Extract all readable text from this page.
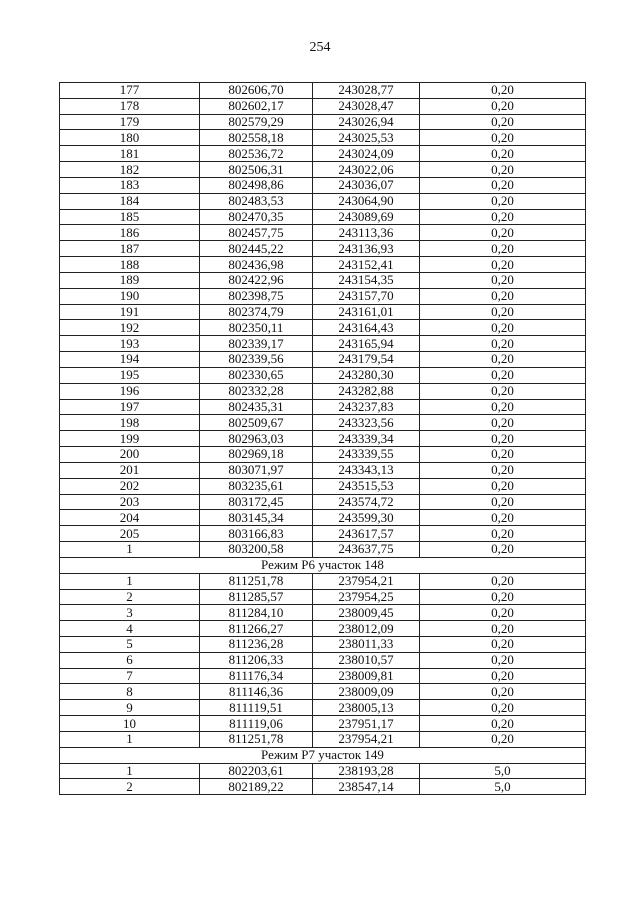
254
177	802606,70	243028,77	0,20
178	802602,17	243028,47	0,20
179	802579,29	243026,94	0,20
180	802558,18	243025,53	0,20
181	802536,72	243024,09	0,20
182	802506,31	243022,06	0,20
183	802498,86	243036,07	0,20
184	802483,53	243064,90	0,20
185	802470,35	243089,69	0,20
186	802457,75	243113,36	0,20
187	802445,22	243136,93	0,20
188	802436,98	243152,41	0,20
189	802422,96	243154,35	0,20
190	802398,75	243157,70	0,20
191	802374,79	243161,01	0,20
192	802350,11	243164,43	0,20
193	802339,17	243165,94	0,20
194	802339,56	243179,54	0,20
195	802330,65	243280,30	0,20
196	802332,28	243282,88	0,20
197	802435,31	243237,83	0,20
198	802509,67	243323,56	0,20
199	802963,03	243339,34	0,20
200	802969,18	243339,55	0,20
201	803071,97	243343,13	0,20
202	803235,61	243515,53	0,20
203	803172,45	243574,72	0,20
204	803145,34	243599,30	0,20
205	803166,83	243617,57	0,20
1	803200,58	243637,75	0,20
Режим Р6 участок 148			
1	811251,78	237954,21	0,20
2	811285,57	237954,25	0,20
3	811284,10	238009,45	0,20
4	811266,27	238012,09	0,20
5	811236,28	238011,33	0,20
6	811206,33	238010,57	0,20
7	811176,34	238009,81	0,20
8	811146,36	238009,09	0,20
9	811119,51	238005,13	0,20
10	811119,06	237951,17	0,20
1	811251,78	237954,21	0,20
Режим Р7 участок 149			
1	802203,61	238193,28	5,0
2	802189,22	238547,14	5,0
